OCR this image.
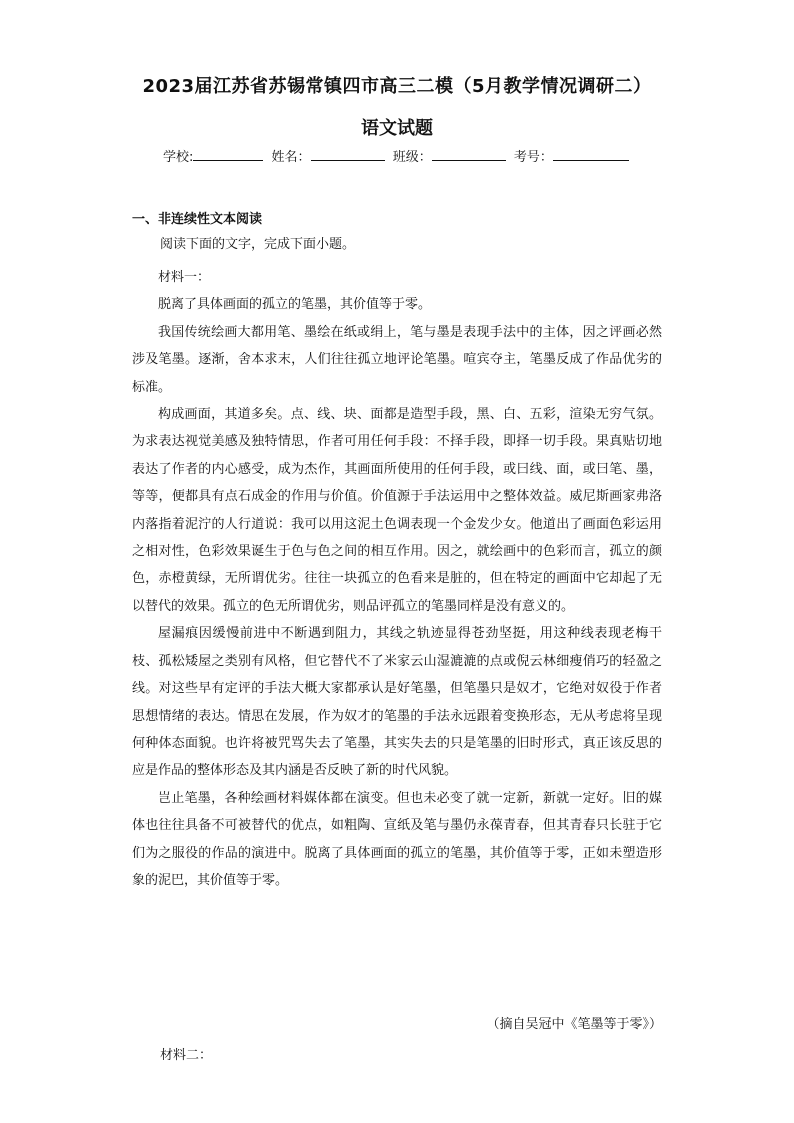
2023届江苏省苏锡常镇四市高三二模（5月教学情况调研二）
语文试题
学校:	姓名：	班级：	考号：
一、非连续性文本阅读
阅读下面的文字，完成下面小题。

材料一：

脱离了具体画面的孤立的笔墨，其价值等于零。

我国传统绘画大都用笔、墨绘在纸或绢上，笔与墨是表现手法中的主体，因之评画必然涉及笔墨。逐渐，舍本求末，人们往往孤立地评论笔墨。喧宾夺主，笔墨反成了作品优劣的标准。

构成画面，其道多矣。点、线、块、面都是造型手段，黑、白、五彩，渲染无穷气氛。为求表达视觉美感及独特情思，作者可用任何手段：不择手段，即择一切手段。果真贴切地表达了作者的内心感受，成为杰作，其画面所使用的任何手段，或曰线、面，或曰笔、墨，等等，便都具有点石成金的作用与价值。价值源于手法运用中之整体效益。威尼斯画家弗洛内落指着泥泞的人行道说：我可以用这泥土色调表现一个金发少女。他道出了画面色彩运用之相对性，色彩效果诞生于色与色之间的相互作用。因之，就绘画中的色彩而言，孤立的颜色，赤橙黄绿，无所谓优劣。往往一块孤立的色看来是脏的，但在特定的画面中它却起了无以替代的效果。孤立的色无所谓优劣，则品评孤立的笔墨同样是没有意义的。

屋漏痕因缓慢前进中不断遇到阻力，其线之轨迹显得苍劲坚挺，用这种线表现老梅干枝、孤松矮屋之类别有风格，但它替代不了米家云山湿漉漉的点或倪云林细瘦俏巧的轻盈之线。对这些早有定评的手法大概大家都承认是好笔墨，但笔墨只是奴才，它绝对奴役于作者思想情绪的表达。情思在发展，作为奴才的笔墨的手法永远跟着变换形态，无从考虑将呈现何种体态面貌。也许将被咒骂失去了笔墨，其实失去的只是笔墨的旧时形式，真正该反思的应是作品的整体形态及其内涵是否反映了新的时代风貌。

岂止笔墨，各种绘画材料媒体都在演变。但也未必变了就一定新，新就一定好。旧的媒体也往往具备不可被替代的优点，如粗陶、宣纸及笔与墨仍永葆青春，但其青春只长驻于它们为之服役的作品的演进中。脱离了具体画面的孤立的笔墨，其价值等于零，正如未塑造形象的泥巴，其价值等于零。

（摘自吴冠中《笔墨等于零》）
材料二：
